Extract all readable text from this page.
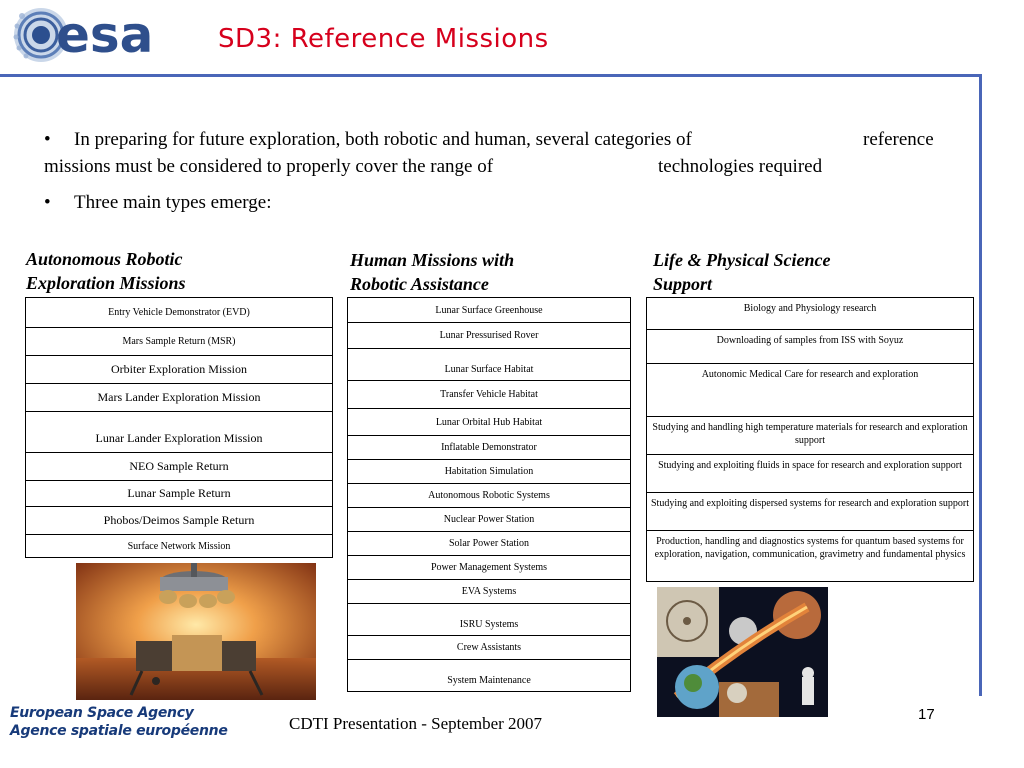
esa SD3: Reference Missions
• In preparing for future exploration, both robotic and human, several categories of	reference
missions must be considered to properly cover the range of	technologies required
• Three main types emerge:
Autonomous Robotic
Exploration Missions
Human Missions with
Robotic Assistance
Life & Physical Science
Support
Entry Vehicle Demonstrator (EVD)
Mars Sample Return (MSR)
Orbiter Exploration Mission
Mars Lander Exploration Mission
Lunar Lander Exploration Mission
NEO Sample Return
Lunar Sample Return
Phobos/Deimos Sample Return
Surface Network Mission
Lunar Surface Greenhouse
Lunar Pressurised Rover
Lunar Surface Habitat
Transfer Vehicle Habitat
Lunar Orbital Hub Habitat
Inflatable Demonstrator
Habitation Simulation
Autonomous Robotic Systems
Nuclear Power Station
Solar Power Station
Power Management Systems
EVA Systems
ISRU Systems
Crew Assistants
System Maintenance
Biology and Physiology research
Downloading of samples from ISS with Soyuz
Autonomic Medical Care for research and exploration
Studying and handling high temperature materials for research and exploration support
Studying and exploiting fluids in space for research and exploration support
Studying and exploiting dispersed systems for research and exploration support
Production, handling and diagnostics systems for quantum based systems for exploration, navigation, communication, gravimetry and fundamental physics
European Space Agency
Agence spatiale européenne	CDTI Presentation - September 2007	17
